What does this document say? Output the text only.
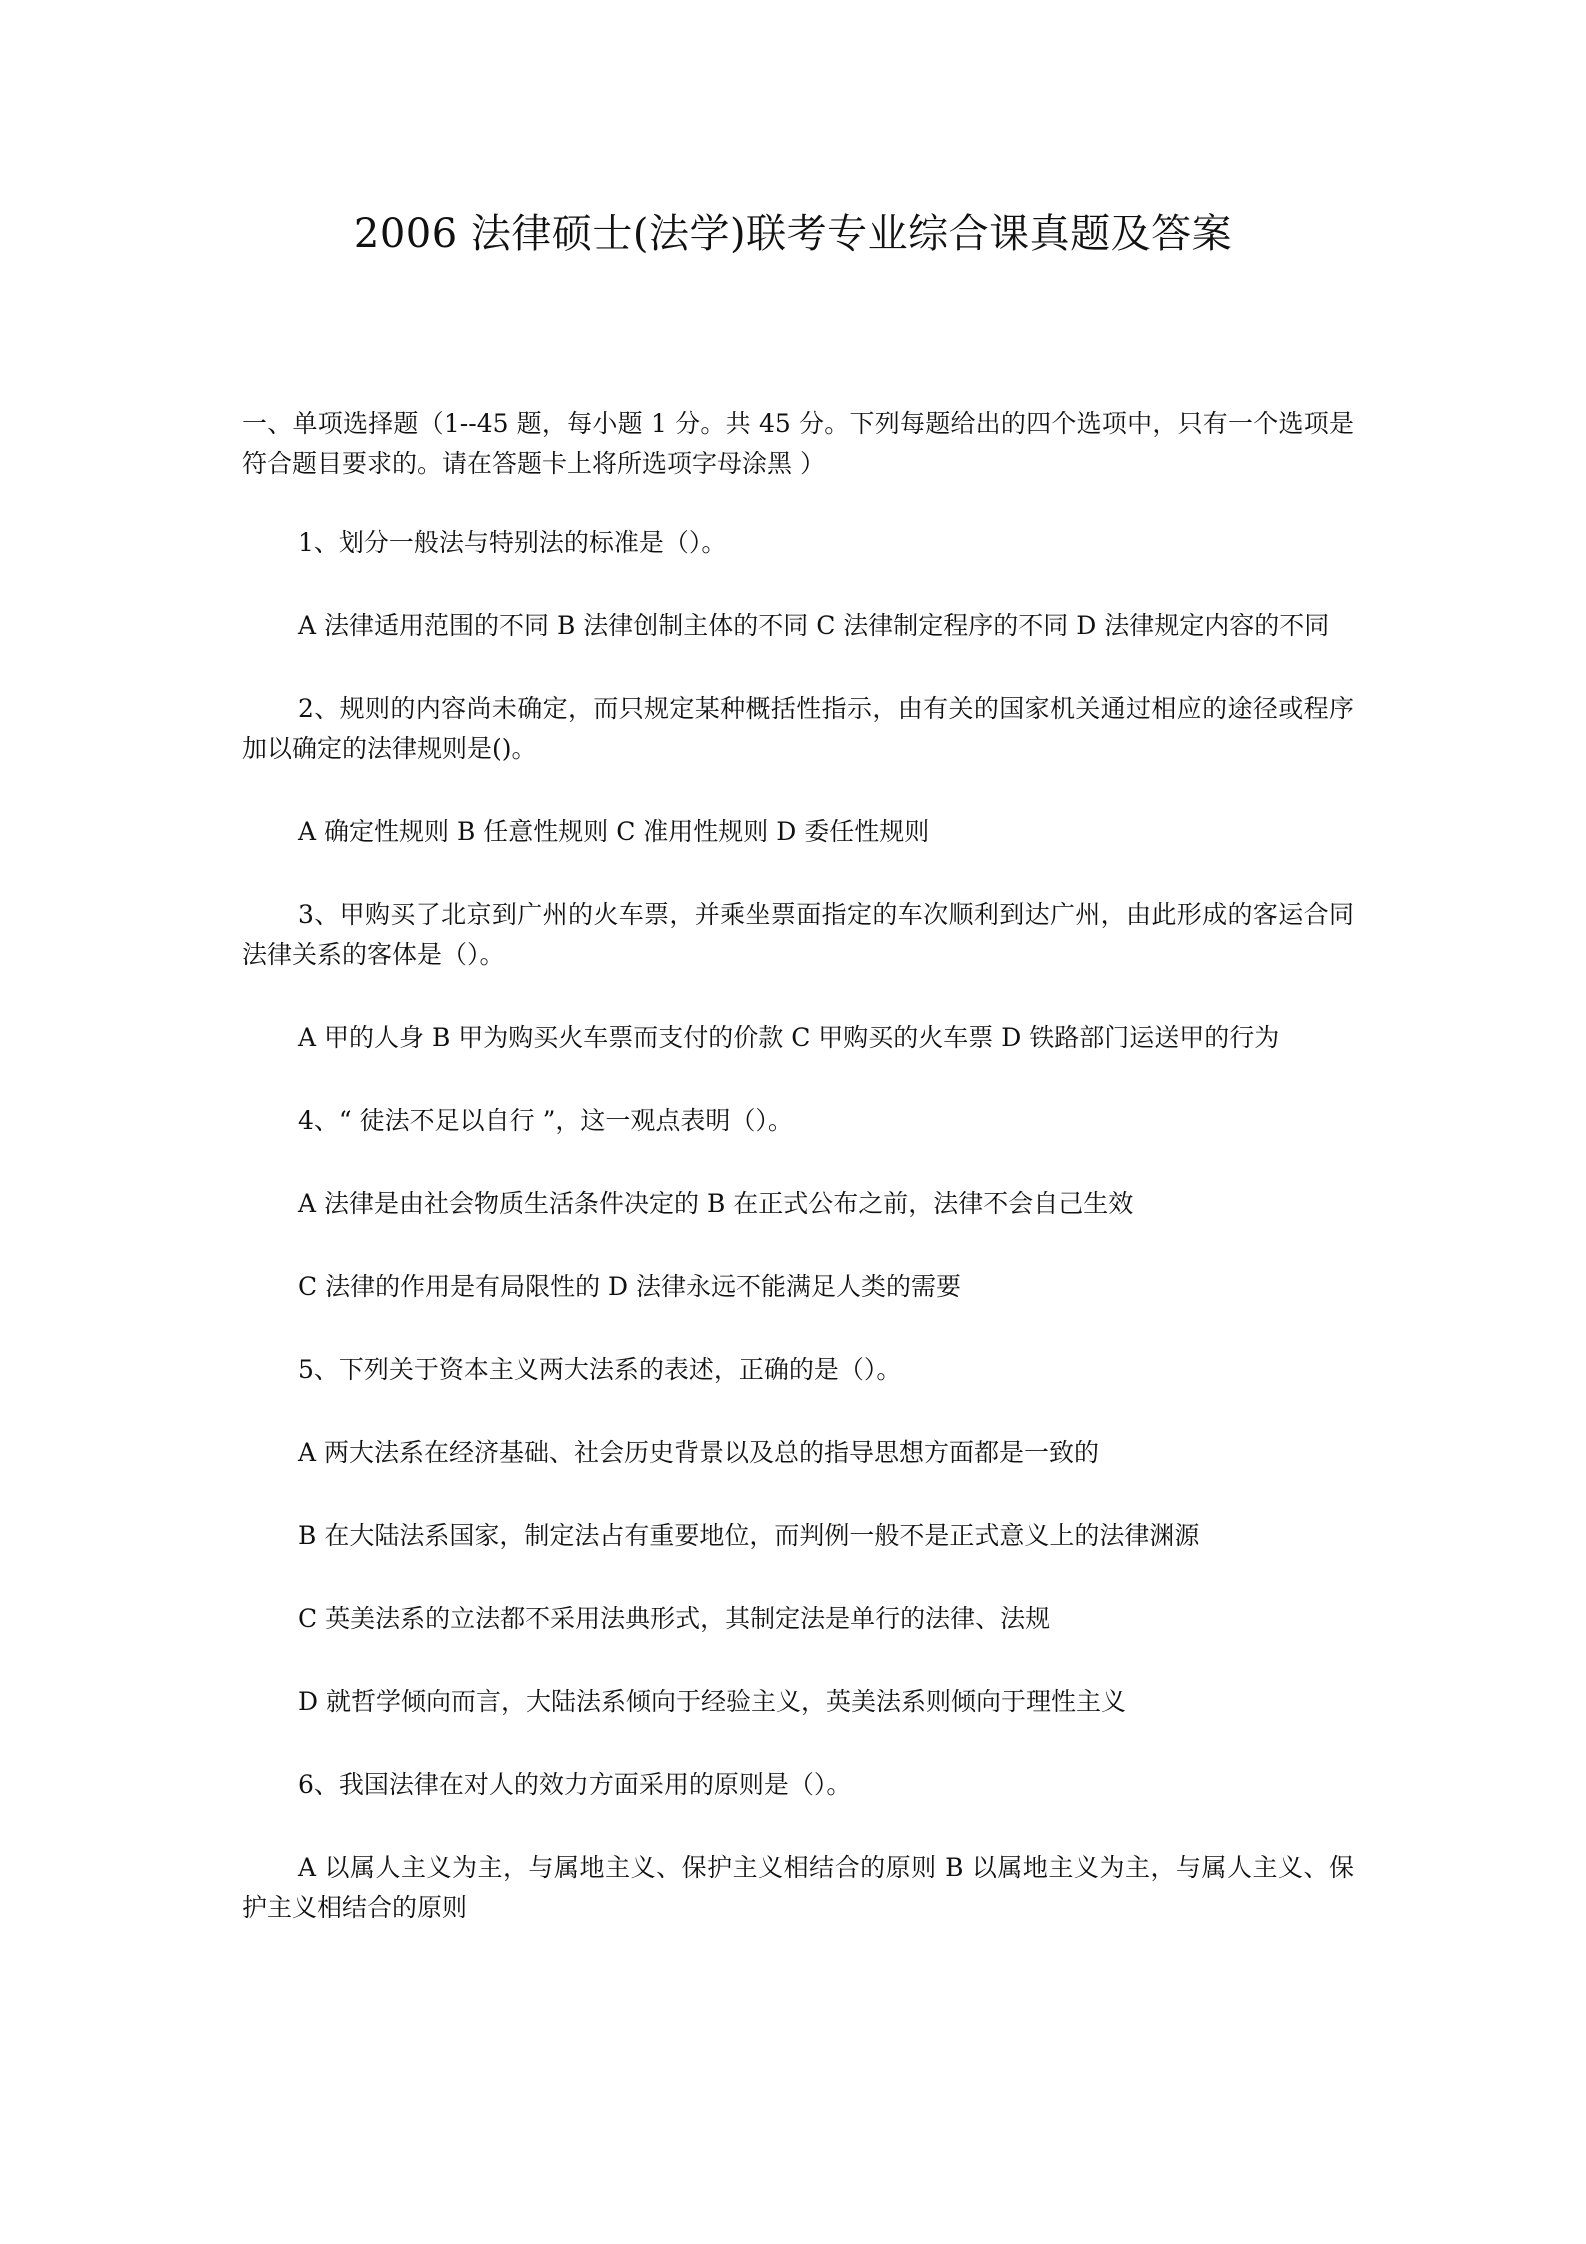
2006 法律硕士(法学)联考专业综合课真题及答案

一、单项选择题（1--45 题，每小题 1 分。共 45 分。下列每题给出的四个选项中，只有一个选项是符合题目要求的。请在答题卡上将所选项字母涂黑 ）

1、划分一般法与特别法的标准是（）。

A 法律适用范围的不同 B 法律创制主体的不同 C 法律制定程序的不同 D 法律规定内容的不同

2、规则的内容尚未确定，而只规定某种概括性指示，由有关的国家机关通过相应的途径或程序加以确定的法律规则是()。

A 确定性规则 B 任意性规则 C 准用性规则 D 委任性规则

3、甲购买了北京到广州的火车票，并乘坐票面指定的车次顺利到达广州，由此形成的客运合同法律关系的客体是（）。

A 甲的人身 B 甲为购买火车票而支付的价款 C 甲购买的火车票 D 铁路部门运送甲的行为

4、“ 徒法不足以自行 ”，这一观点表明（）。

A 法律是由社会物质生活条件决定的 B 在正式公布之前，法律不会自己生效

C 法律的作用是有局限性的 D 法律永远不能满足人类的需要

5、下列关于资本主义两大法系的表述，正确的是（）。

A 两大法系在经济基础、社会历史背景以及总的指导思想方面都是一致的

B 在大陆法系国家，制定法占有重要地位，而判例一般不是正式意义上的法律渊源

C 英美法系的立法都不采用法典形式，其制定法是单行的法律、法规

D 就哲学倾向而言，大陆法系倾向于经验主义，英美法系则倾向于理性主义

6、我国法律在对人的效力方面采用的原则是（）。

A 以属人主义为主，与属地主义、保护主义相结合的原则 B 以属地主义为主，与属人主义、保护主义相结合的原则
